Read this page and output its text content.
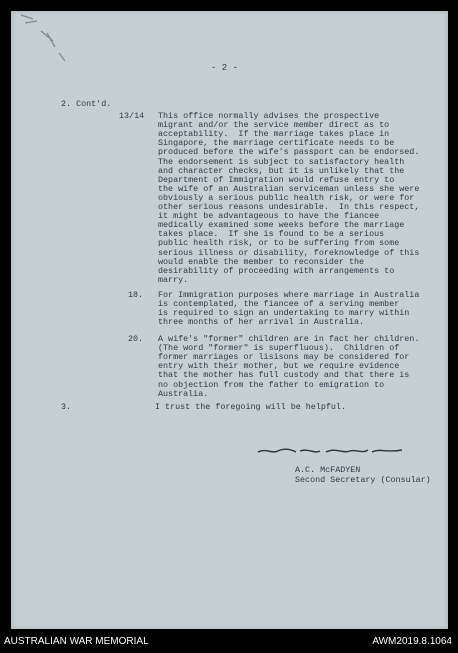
- 2 -
2. Cont'd.
13/14 This office normally advises the prospective
migrant and/or the service member direct as to
acceptability.  If the marriage takes place in
Singapore, the marriage certificate needs to be
produced before the wife's passport can be endorsed.
The endorsement is subject to satisfactory health
and character checks, but it is unlikely that the
Department of Immigration would refuse entry to
the wife of an Australian serviceman unless she were
obviously a serious public health risk, or were for
other serious reasons undesirable.  In this respect,
it might be advantageous to have the fiancee
medically examined some weeks before the marriage
takes place.  If she is found to be a serious
public health risk, or to be suffering from some
serious illness or disability, foreknowledge of this
would enable the member to reconsider the
desirability of proceeding with arrangements to
marry.
18. For Immigration purposes where marriage in Australia
is contemplated, the fiancee of a serving member
is required to sign an undertaking to marry within
three months of her arrival in Australia.
20. A wife's "former" children are in fact her children.
(The word "former" is superfluous).  Children of
former marriages or lisisons may be considered for
entry with their mother, but we require evidence
that the mother has full custody and that there is
no objection from the father to emigration to
Australia.
3.	I trust the foregoing will be helpful.
A.C. McFADYEN
Second Secretary (Consular)
AUSTRALIAN WAR MEMORIAL	AWM2019.8.1064
